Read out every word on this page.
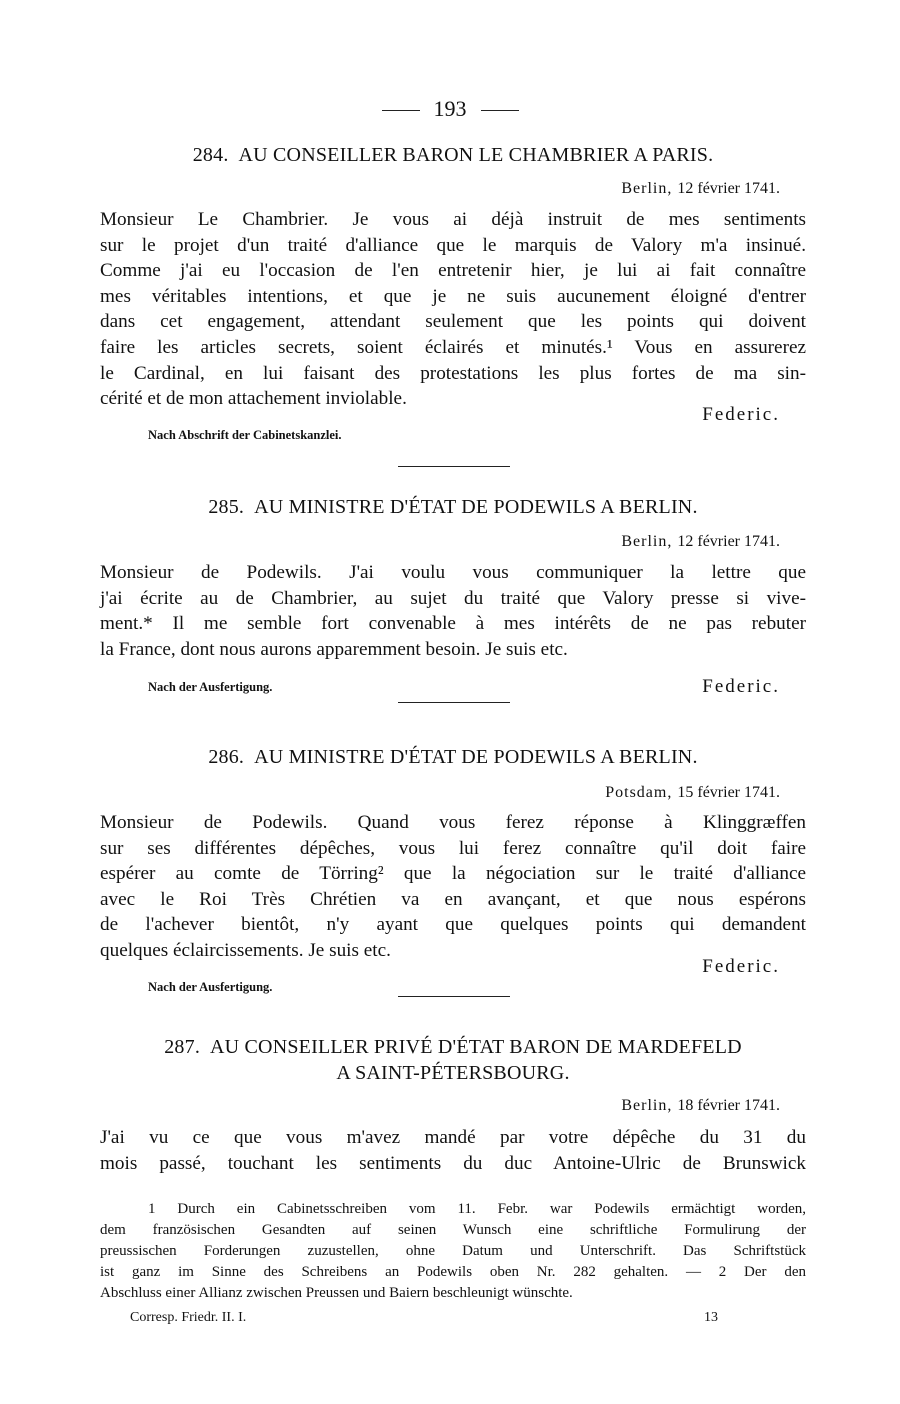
193
284. AU CONSEILLER BARON LE CHAMBRIER A PARIS.
Berlin, 12 février 1741.
Monsieur Le Chambrier. Je vous ai déjà instruit de mes sentiments
sur le projet d'un traité d'alliance que le marquis de Valory m'a insinué.
Comme j'ai eu l'occasion de l'en entretenir hier, je lui ai fait connaître
mes véritables intentions, et que je ne suis aucunement éloigné d'entrer
dans cet engagement, attendant seulement que les points qui doivent
faire les articles secrets, soient éclairés et minutés.¹ Vous en assurerez
le Cardinal, en lui faisant des protestations les plus fortes de ma sin-
cérité et de mon attachement inviolable.
Federic.
Nach Abschrift der Cabinetskanzlei.
285. AU MINISTRE D'ÉTAT DE PODEWILS A BERLIN.
Berlin, 12 février 1741.
Monsieur de Podewils. J'ai voulu vous communiquer la lettre que
j'ai écrite au de Chambrier, au sujet du traité que Valory presse si vive-
ment.* Il me semble fort convenable à mes intérêts de ne pas rebuter
la France, dont nous aurons apparemment besoin. Je suis etc.
Nach der Ausfertigung.	Federic.
286. AU MINISTRE D'ÉTAT DE PODEWILS A BERLIN.
Potsdam, 15 février 1741.
Monsieur de Podewils. Quand vous ferez réponse à Klinggræffen
sur ses différentes dépêches, vous lui ferez connaître qu'il doit faire
espérer au comte de Törring² que la négociation sur le traité d'alliance
avec le Roi Très Chrétien va en avançant, et que nous espérons
de l'achever bientôt, n'y ayant que quelques points qui demandent
quelques éclaircissements. Je suis etc.
Federic.
Nach der Ausfertigung.
287. AU CONSEILLER PRIVÉ D'ÉTAT BARON DE MARDEFELD
A SAINT-PÉTERSBOURG.
Berlin, 18 février 1741.
J'ai vu ce que vous m'avez mandé par votre dépêche du 31 du
mois passé, touchant les sentiments du duc Antoine-Ulric de Brunswick
1 Durch ein Cabinetsschreiben vom 11. Febr. war Podewils ermächtigt worden,
dem französischen Gesandten auf seinen Wunsch eine schriftliche Formulirung der
preussischen Forderungen zuzustellen, ohne Datum und Unterschrift. Das Schriftstück
ist ganz im Sinne des Schreibens an Podewils oben Nr. 282 gehalten. — 2 Der den
Abschluss einer Allianz zwischen Preussen und Baiern beschleunigt wünschte.
Corresp. Friedr. II. I.	13
